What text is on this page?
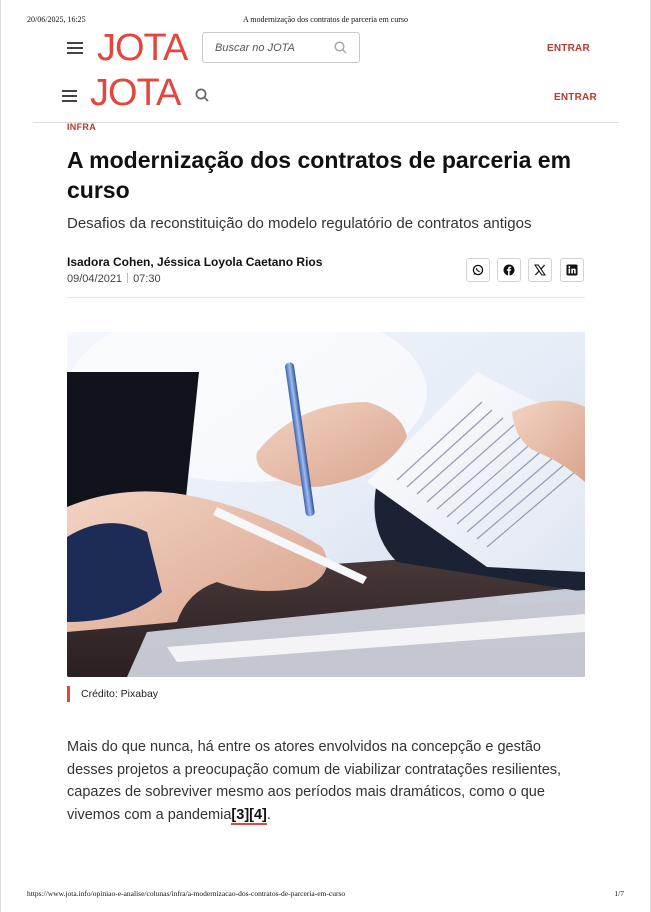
20/06/2025, 16:25	A modernização dos contratos de parceria em curso
JOTA	Buscar no JOTA	ENTRAR
JOTA	ENTRAR
INFRA
A modernização dos contratos de parceria em curso
Desafios da reconstituição do modelo regulatório de contratos antigos
Isadora Cohen, Jéssica Loyola Caetano Rios
09/04/2021 07:30
Crédito: Pixabay

Mais do que nunca, há entre os atores envolvidos na concepção e gestão desses projetos a preocupação comum de viabilizar contratações resilientes, capazes de sobreviver mesmo aos períodos mais dramáticos, como o que vivemos com a pandemia[3][4].

https://www.jota.info/opiniao-e-analise/colunas/infra/a-modernizacao-dos-contratos-de-parceria-em-curso	1/7
